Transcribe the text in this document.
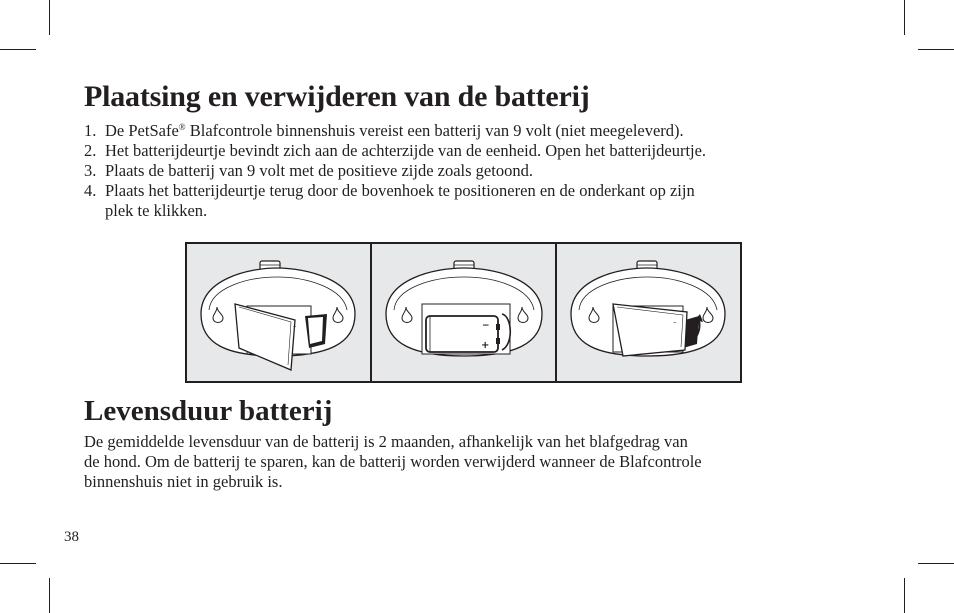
Plaatsing en verwijderen van de batterij
1. De PetSafe® Blafcontrole binnenshuis vereist een batterij van 9 volt (niet meegeleverd).
2. Het batterijdeurtje bevindt zich aan de achterzijde van de eenheid. Open het batterijdeurtje.
3. Plaats de batterij van 9 volt met de positieve zijde zoals getoond.
4. Plaats het batterijdeurtje terug door de bovenhoek te positioneren en de onderkant op zijn
plek te klikken.
–	−
+
–
Levensduur batterij

De gemiddelde levensduur van de batterij is 2 maanden, afhankelijk van het blafgedrag van
de hond. Om de batterij te sparen, kan de batterij worden verwijderd wanneer de Blafcontrole
binnenshuis niet in gebruik is.

38
